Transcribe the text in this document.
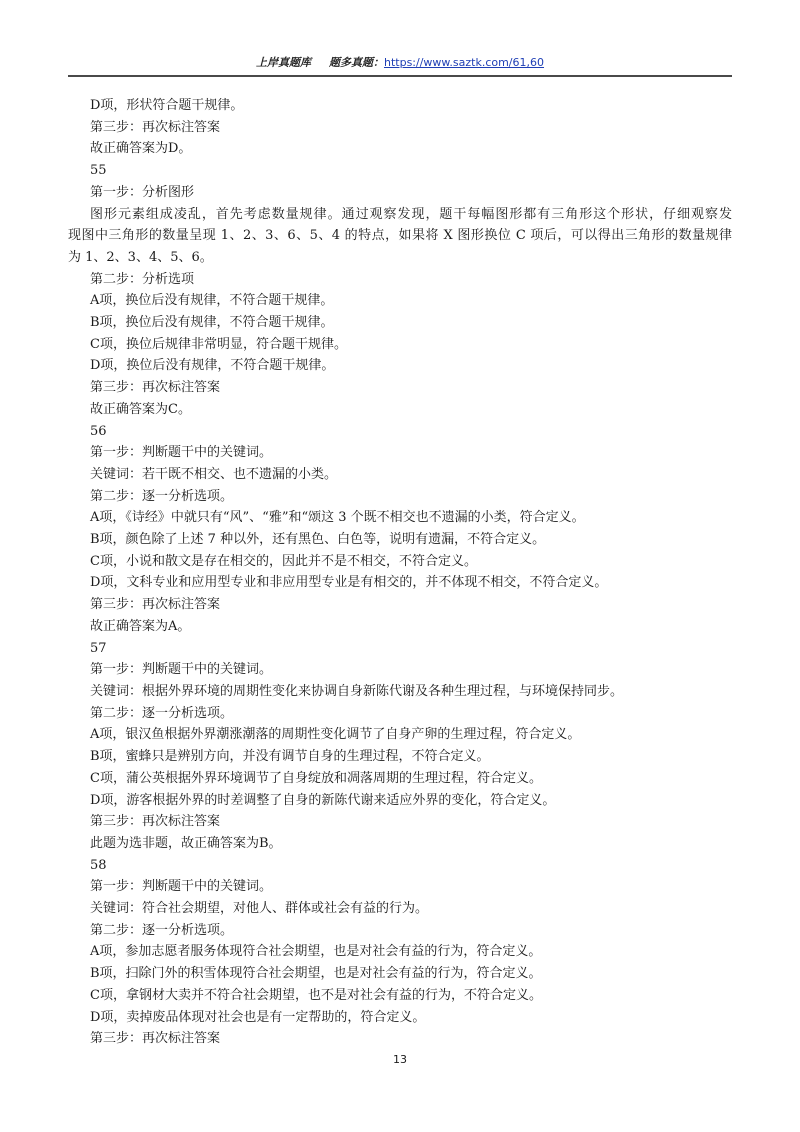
上岸真题库 题多真题：https://www.saztk.com/61,60
D项，形状符合题干规律。
第三步：再次标注答案
故正确答案为D。
55
第一步：分析图形
图形元素组成凌乱，首先考虑数量规律。通过观察发现，题干每幅图形都有三角形这个形状，仔细观察发
现图中三角形的数量呈现 1、2、3、6、5、4 的特点，如果将 X 图形换位 C 项后，可以得出三角形的数量规律
为 1、2、3、4、5、6。
第二步：分析选项
A项，换位后没有规律，不符合题干规律。
B项，换位后没有规律，不符合题干规律。
C项，换位后规律非常明显，符合题干规律。
D项，换位后没有规律，不符合题干规律。
第三步：再次标注答案
故正确答案为C。
56
第一步：判断题干中的关键词。
关键词：若干既不相交、也不遗漏的小类。
第二步：逐一分析选项。
A项，《诗经》中就只有“风”、“雅”和“颂这 3 个既不相交也不遗漏的小类，符合定义。
B项，颜色除了上述 7 种以外，还有黑色、白色等，说明有遗漏，不符合定义。
C项，小说和散文是存在相交的，因此并不是不相交，不符合定义。
D项，文科专业和应用型专业和非应用型专业是有相交的，并不体现不相交，不符合定义。
第三步：再次标注答案
故正确答案为A。
57
第一步：判断题干中的关键词。
关键词：根据外界环境的周期性变化来协调自身新陈代谢及各种生理过程，与环境保持同步。
第二步：逐一分析选项。
A项，银汉鱼根据外界潮涨潮落的周期性变化调节了自身产卵的生理过程，符合定义。
B项，蜜蜂只是辨别方向，并没有调节自身的生理过程，不符合定义。
C项，蒲公英根据外界环境调节了自身绽放和凋落周期的生理过程，符合定义。
D项，游客根据外界的时差调整了自身的新陈代谢来适应外界的变化，符合定义。
第三步：再次标注答案
此题为选非题，故正确答案为B。
58
第一步：判断题干中的关键词。
关键词：符合社会期望，对他人、群体或社会有益的行为。
第二步：逐一分析选项。
A项，参加志愿者服务体现符合社会期望，也是对社会有益的行为，符合定义。
B项，扫除门外的积雪体现符合社会期望，也是对社会有益的行为，符合定义。
C项，拿钢材大卖并不符合社会期望，也不是对社会有益的行为，不符合定义。
D项，卖掉废品体现对社会也是有一定帮助的，符合定义。
第三步：再次标注答案
13
